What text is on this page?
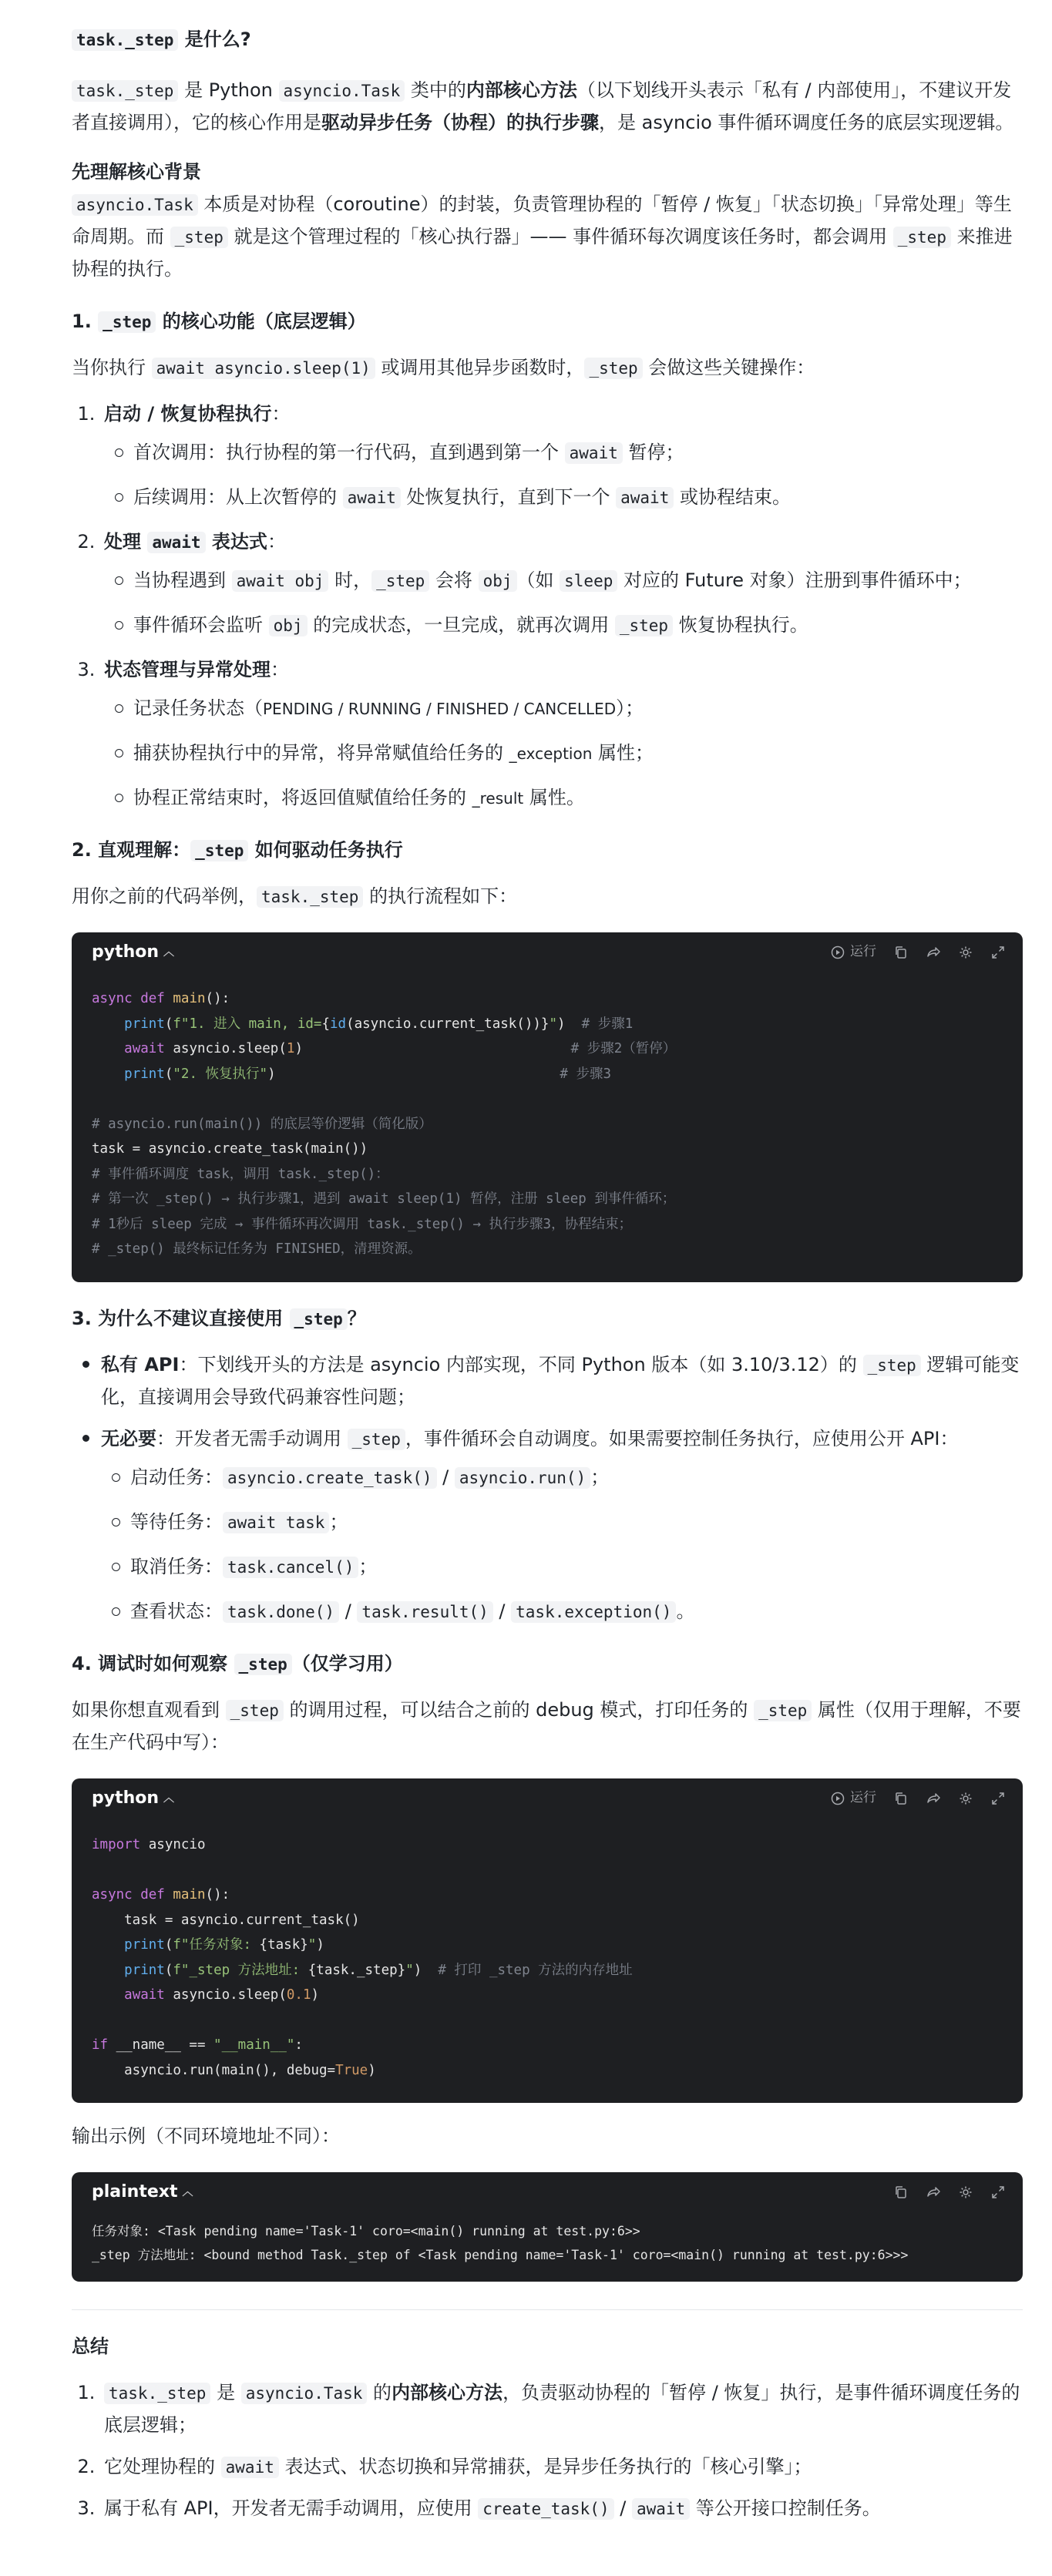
task._step 是什么?

task._step 是 Python asyncio.Task 类中的内部核心方法（以下划线开头表示「私有 / 内部使用」，不建议开发者直接调用），它的核心作用是驱动异步任务（协程）的执行步骤，是 asyncio 事件循环调度任务的底层实现逻辑。

先理解核心背景

asyncio.Task 本质是对协程（coroutine）的封装，负责管理协程的「暂停 / 恢复」「状态切换」「异常处理」等生命周期。而 _step 就是这个管理过程的「核心执行器」—— 事件循环每次调度该任务时，都会调用 _step 来推进协程的执行。

1. _step 的核心功能（底层逻辑）

当你执行 await asyncio.sleep(1) 或调用其他异步函数时， _step 会做这些关键操作：

1. 启动 / 恢复协程执行：
首次调用：执行协程的第一行代码，直到遇到第一个 await 暂停；
后续调用：从上次暂停的 await 处恢复执行，直到下一个 await 或协程结束。
2. 处理 await 表达式：
当协程遇到 await obj 时， _step 会将 obj （如 sleep 对应的 Future 对象）注册到事件循环中；
事件循环会监听 obj 的完成状态，一旦完成，就再次调用 _step 恢复协程执行。
3. 状态管理与异常处理：
记录任务状态（PENDING / RUNNING / FINISHED / CANCELLED）；
捕获协程执行中的异常，将异常赋值给任务的 _exception 属性；
协程正常结束时，将返回值赋值给任务的 _result 属性。
2. 直观理解： _step 如何驱动任务执行

用你之前的代码举例， task._step 的执行流程如下：

python ︿	运行
async def main():
print(f"1. 进入 main, id={id(asyncio.current_task())}")  # 步骤1
await asyncio.sleep(1)                                 # 步骤2（暂停）
print("2. 恢复执行")                                   # 步骤3

# asyncio.run(main()) 的底层等价逻辑（简化版）
task = asyncio.create_task(main())
# 事件循环调度 task，调用 task._step()：
# 第一次 _step() → 执行步骤1，遇到 await sleep(1) 暂停，注册 sleep 到事件循环；
# 1秒后 sleep 完成 → 事件循环再次调用 task._step() → 执行步骤3，协程结束；
# _step() 最终标记任务为 FINISHED，清理资源。
3. 为什么不建议直接使用 _step ？
私有 API：下划线开头的方法是 asyncio 内部实现，不同 Python 版本（如 3.10/3.12）的 _step 逻辑可能变化，直接调用会导致代码兼容性问题；
无必要：开发者无需手动调用 _step ，事件循环会自动调度。如果需要控制任务执行，应使用公开 API：
启动任务： asyncio.create_task() / asyncio.run() ；
等待任务： await task ；
取消任务： task.cancel() ；
查看状态： task.done() / task.result() / task.exception() 。
4. 调试时如何观察 _step （仅学习用）

如果你想直观看到 _step 的调用过程，可以结合之前的 debug 模式，打印任务的 _step 属性（仅用于理解，不要在生产代码中写）：

python ︿	运行
import asyncio

async def main():
task = asyncio.current_task()
print(f"任务对象: {task}")
print(f"_step 方法地址: {task._step}")  # 打印 _step 方法的内存地址
await asyncio.sleep(0.1)

if __name__ == "__main__":
asyncio.run(main(), debug=True)

输出示例（不同环境地址不同）：

plaintext ︿
任务对象: <Task pending name='Task-1' coro=<main() running at test.py:6>>
_step 方法地址: <bound method Task._step of <Task pending name='Task-1' coro=<main() running at test.py:6>>>
总结
1. task._step 是 asyncio.Task 的内部核心方法，负责驱动协程的「暂停 / 恢复」执行，是事件循环调度任务的底层逻辑；
2. 它处理协程的 await 表达式、状态切换和异常捕获，是异步任务执行的「核心引擎」；
3. 属于私有 API，开发者无需手动调用，应使用 create_task() / await 等公开接口控制任务。
